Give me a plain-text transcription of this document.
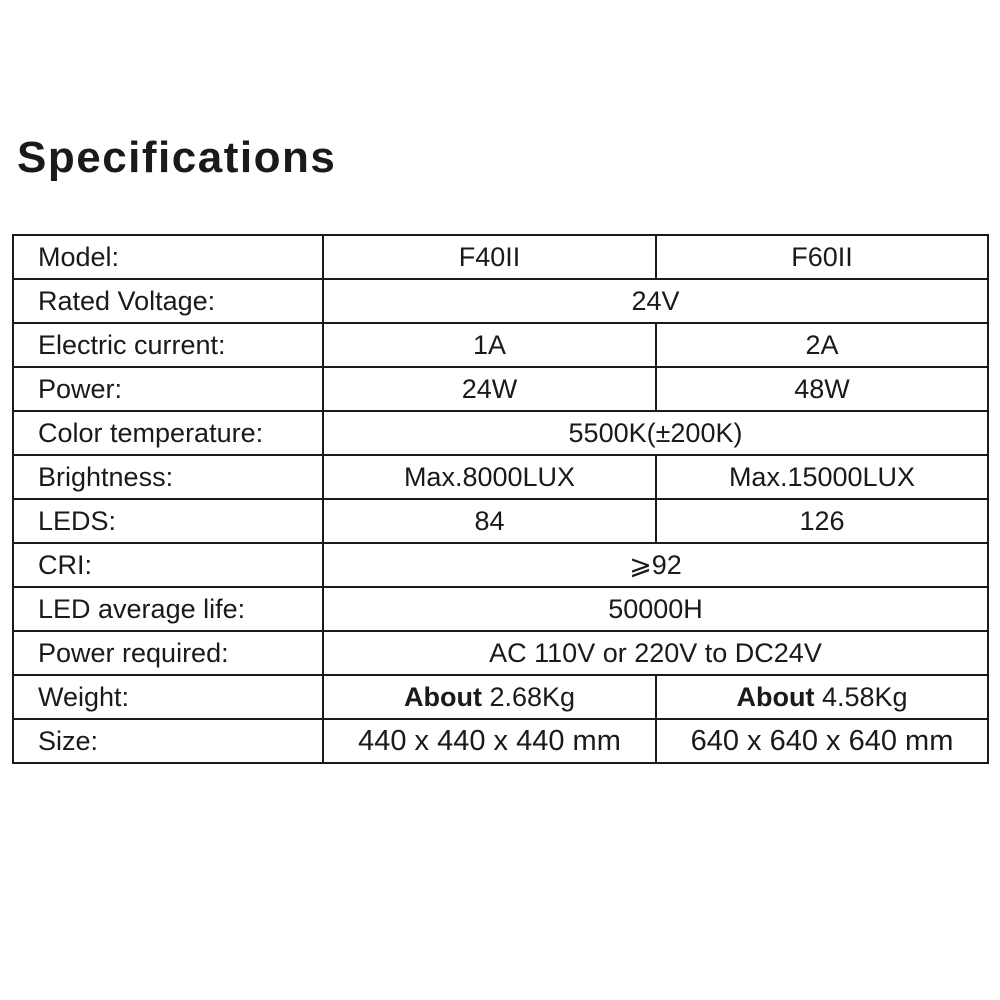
Specifications
Model:	F40II	F60II
Rated Voltage:	24V	
Electric current:	1A	2A
Power:	24W	48W
Color temperature:	5500K(±200K)	
Brightness:	Max.8000LUX	Max.15000LUX
LEDS:	84	126
CRI:	⩾92	
LED average life:	50000H	
Power required:	AC 110V or 220V to DC24V	
Weight:	About 2.68Kg	About 4.58Kg
Size:	440 x 440 x 440 mm	640 x 640 x 640 mm
